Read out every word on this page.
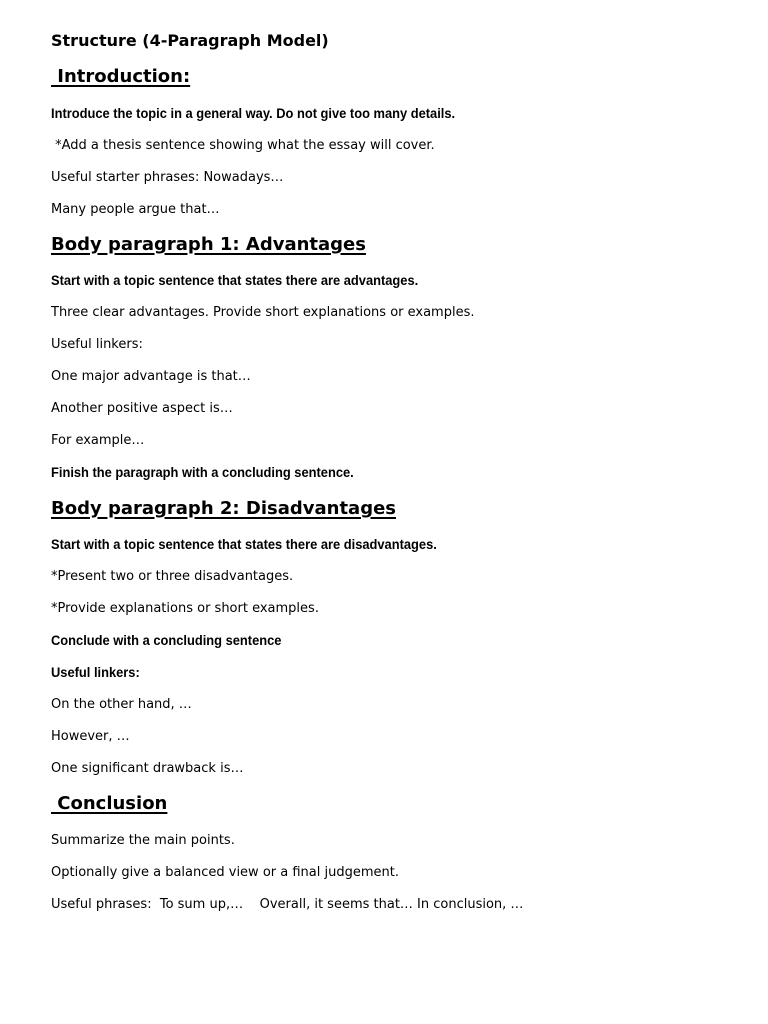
Structure (4-Paragraph Model)
Introduction:
Introduce the topic in a general way. Do not give too many details.
*Add a thesis sentence showing what the essay will cover.
Useful starter phrases: Nowadays…
Many people argue that…
Body paragraph 1: Advantages
Start with a topic sentence that states there are advantages.
Three clear advantages. Provide short explanations or examples.
Useful linkers:
One major advantage is that…
Another positive aspect is…
For example…
Finish the paragraph with a concluding sentence.
Body paragraph 2: Disadvantages
Start with a topic sentence that states there are disadvantages.
*Present two or three disadvantages.
*Provide explanations or short examples.
Conclude with a concluding sentence
Useful linkers:
On the other hand, …
However, …
One significant drawback is…
Conclusion
Summarize the main points.
Optionally give a balanced view or a final judgement.
Useful phrases:  To sum up,…    Overall, it seems that… In conclusion, …
